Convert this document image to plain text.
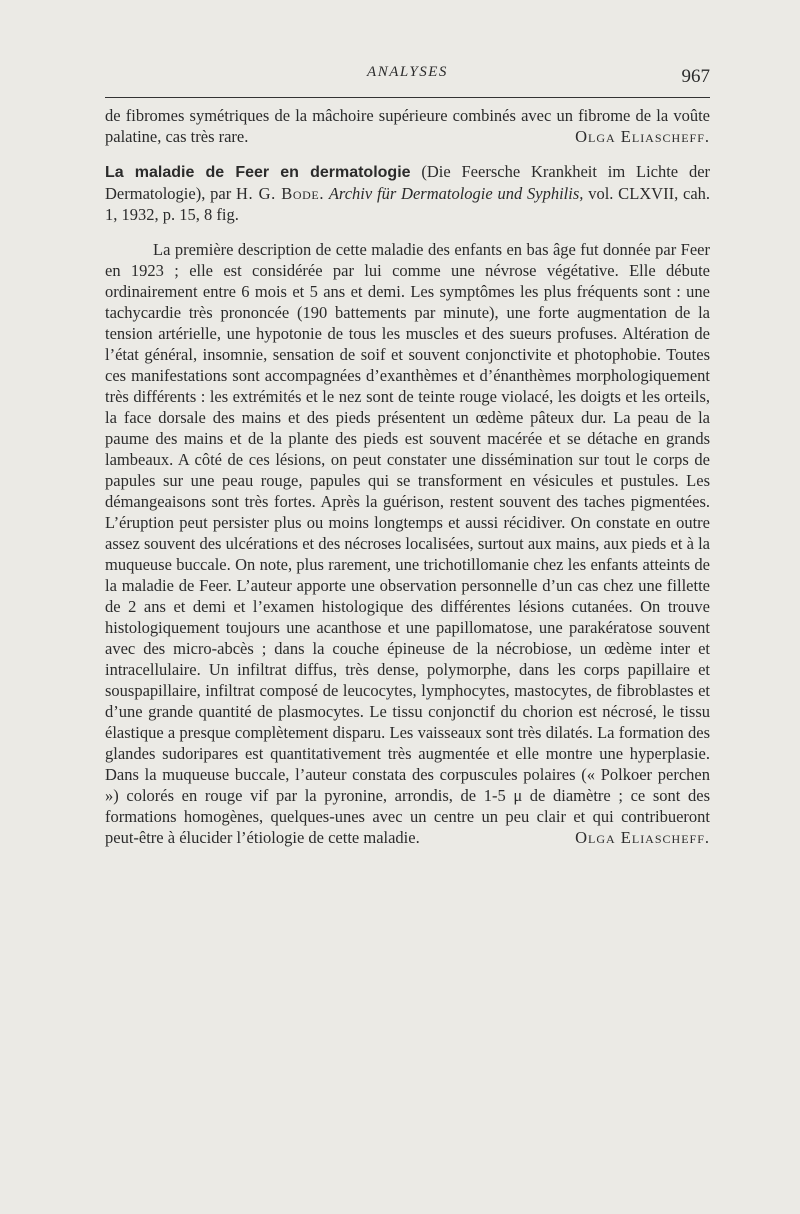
ANALYSES	967

de fibromes symétriques de la mâchoire supérieure combinés avec un fibrome de la voûte palatine, cas très rare.	Olga Eliascheff.

La maladie de Feer en dermatologie (Die Feersche Krankheit im Lichte der Dermatologie), par H. G. Bode. Archiv für Dermatologie und Syphilis, vol. CLXVII, cah. 1, 1932, p. 15, 8 fig.

La première description de cette maladie des enfants en bas âge fut donnée par Feer en 1923 ; elle est considérée par lui comme une névrose végétative. Elle débute ordinairement entre 6 mois et 5 ans et demi. Les symptômes les plus fréquents sont : une tachycardie très prononcée (190 battements par minute), une forte augmentation de la tension artérielle, une hypotonie de tous les muscles et des sueurs profuses. Altération de l’état général, insomnie, sensation de soif et souvent conjonctivite et photophobie. Toutes ces manifestations sont accompagnées d’exanthèmes et d’énanthèmes morphologiquement très différents : les extrémités et le nez sont de teinte rouge violacé, les doigts et les orteils, la face dorsale des mains et des pieds présentent un œdème pâteux dur. La peau de la paume des mains et de la plante des pieds est souvent macérée et se détache en grands lambeaux. A côté de ces lésions, on peut constater une dissémination sur tout le corps de papules sur une peau rouge, papules qui se transforment en vésicules et pustules. Les démangeaisons sont très fortes. Après la guérison, restent souvent des taches pigmentées. L’éruption peut persister plus ou moins longtemps et aussi récidiver. On constate en outre assez souvent des ulcérations et des nécroses localisées, surtout aux mains, aux pieds et à la muqueuse buccale. On note, plus rarement, une trichotillomanie chez les enfants atteints de la maladie de Feer. L’auteur apporte une observation personnelle d’un cas chez une fillette de 2 ans et demi et l’examen histologique des différentes lésions cutanées. On trouve histologiquement toujours une acanthose et une papillomatose, une parakératose souvent avec des micro-abcès ; dans la couche épineuse de la nécrobiose, un œdème inter et intracellulaire. Un infiltrat diffus, très dense, polymorphe, dans les corps papillaire et souspapillaire, infiltrat composé de leucocytes, lymphocytes, mastocytes, de fibroblastes et d’une grande quantité de plasmocytes. Le tissu conjonctif du chorion est nécrosé, le tissu élastique a presque complètement disparu. Les vaisseaux sont très dilatés. La formation des glandes sudoripares est quantitativement très augmentée et elle montre une hyperplasie. Dans la muqueuse buccale, l’auteur constata des corpuscules polaires (« Polkoer perchen ») colorés en rouge vif par la pyronine, arrondis, de 1-5 μ de diamètre ; ce sont des formations homogènes, quelques-unes avec un centre un peu clair et qui contribueront peut-être à élucider l’étiologie de cette maladie.	Olga Eliascheff.
